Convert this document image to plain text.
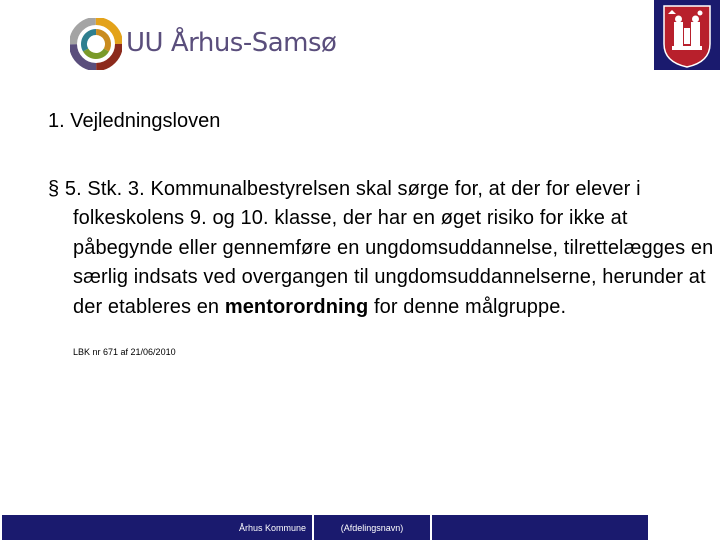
UU Århus-Samsø
1. Vejledningsloven
§ 5. Stk. 3. Kommunalbestyrelsen skal sørge for, at der for elever i folkeskolens 9. og 10. klasse, der har en øget risiko for ikke at påbegynde eller gennemføre en ungdomsuddannelse, tilrettelægges en særlig indsats ved overgangen til ungdomsuddannelserne, herunder at der etableres en mentorordning for denne målgruppe.
LBK nr 671 af 21/06/2010
Århus Kommune	(Afdelingsnavn)
